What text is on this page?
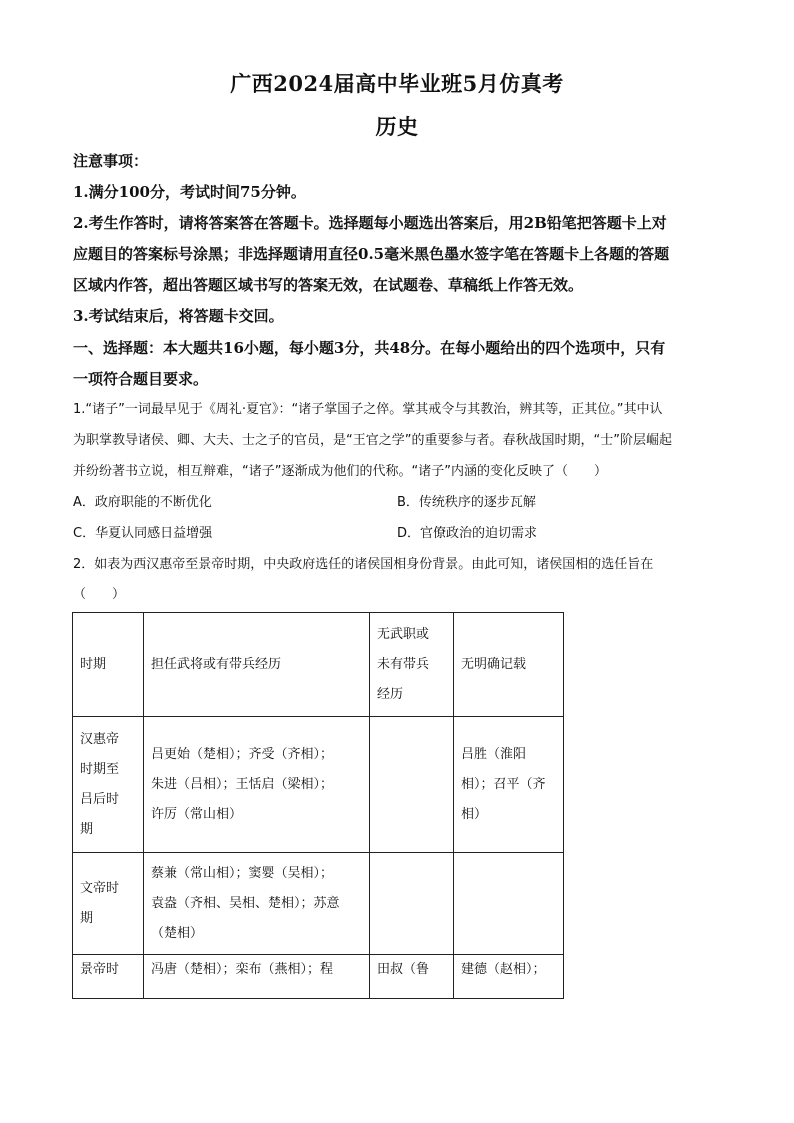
广西2024届高中毕业班5月仿真考
历史
注意事项：
1.满分100分，考试时间75分钟。
2.考生作答时，请将答案答在答题卡。选择题每小题选出答案后，用2B铅笔把答题卡上对
应题目的答案标号涂黑；非选择题请用直径0.5毫米黑色墨水签字笔在答题卡上各题的答题
区域内作答，超出答题区域书写的答案无效，在试题卷、草稿纸上作答无效。
3.考试结束后，将答题卡交回。
一、选择题：本大题共16小题，每小题3分，共48分。在每小题给出的四个选项中，只有
一项符合题目要求。
1.“诸子”一词最早见于《周礼·夏官》：“诸子掌国子之倅。掌其戒令与其教治，辨其等，正其位。”其中认
为职掌教导诸侯、卿、大夫、士之子的官员，是“王官之学”的重要参与者。春秋战国时期，“士”阶层崛起
并纷纷著书立说，相互辩难，“诸子”逐渐成为他们的代称。“诸子”内涵的变化反映了（　　）
A．政府职能的不断优化	B．传统秩序的逐步瓦解
C．华夏认同感日益增强	D．官僚政治的迫切需求
2．如表为西汉惠帝至景帝时期，中央政府选任的诸侯国相身份背景。由此可知，诸侯国相的选任旨在
（　　）
时期	担任武将或有带兵经历	无武职或
未有带兵
经历	无明确记载

汉惠帝
时期至
吕后时
期	吕更始（楚相）；齐受（齐相）；
朱进（吕相）；王恬启（梁相）；
许厉（常山相）		吕胜（淮阳
相）；召平（齐
相）

文帝时
期	蔡兼（常山相）；窦婴（吴相）；
袁盎（齐相、吴相、楚相）；苏意
（楚相）		

景帝时	冯唐（楚相）；栾布（燕相）；程	田叔（鲁	建德（赵相）；
